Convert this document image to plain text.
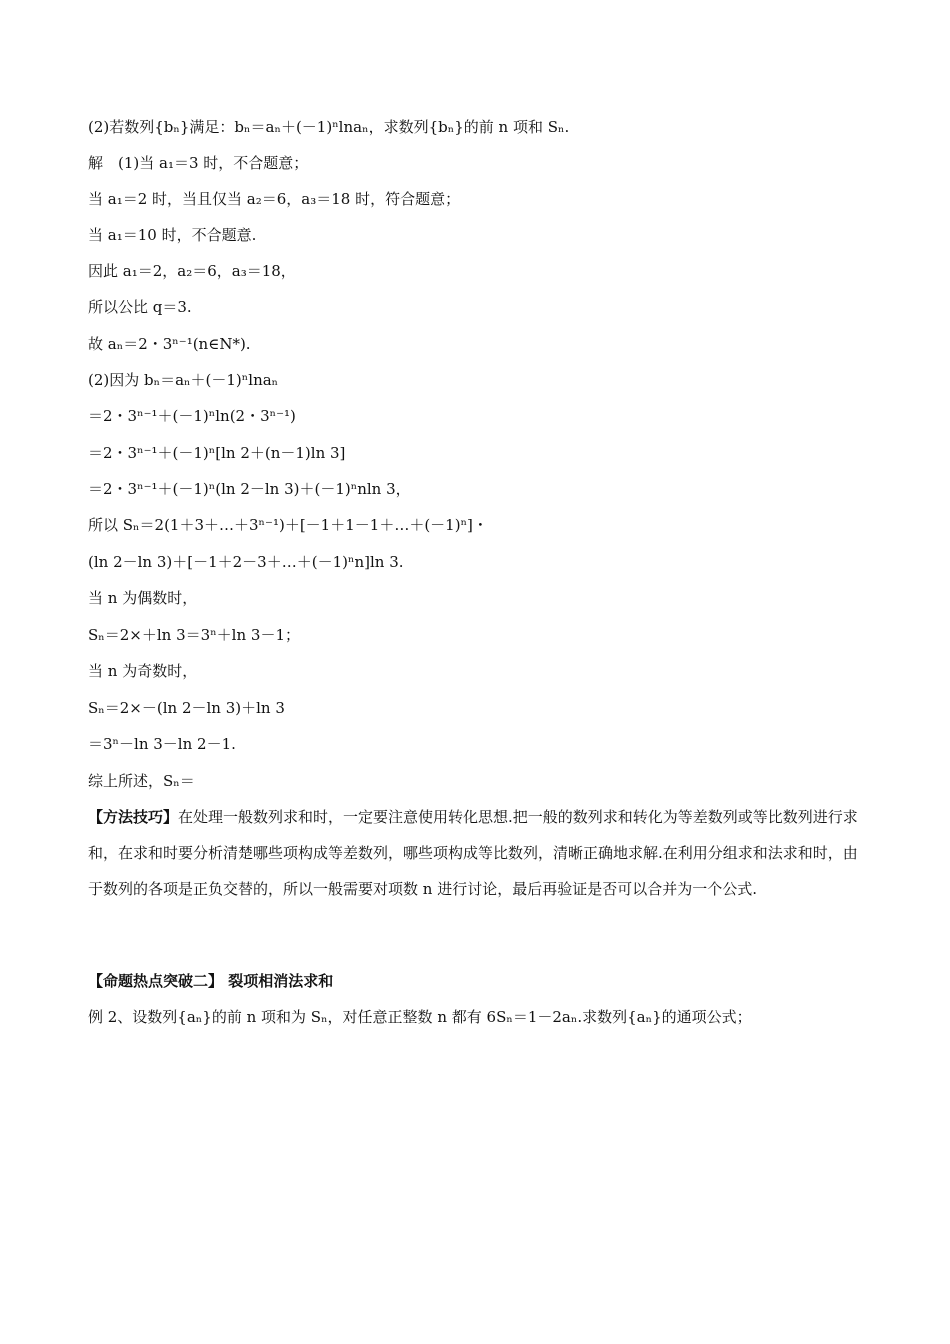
(2)若数列{bₙ}满足：bₙ＝aₙ＋(－1)ⁿlnaₙ，求数列{bₙ}的前 n 项和 Sₙ.
解　(1)当 a₁＝3 时，不合题意；
当 a₁＝2 时，当且仅当 a₂＝6，a₃＝18 时，符合题意；
当 a₁＝10 时，不合题意.
因此 a₁＝2，a₂＝6，a₃＝18，
所以公比 q＝3.
故 aₙ＝2・3ⁿ⁻¹(n∈N*).
(2)因为 bₙ＝aₙ＋(－1)ⁿlnaₙ
＝2・3ⁿ⁻¹＋(－1)ⁿln(2・3ⁿ⁻¹)
＝2・3ⁿ⁻¹＋(－1)ⁿ[ln 2＋(n－1)ln 3]
＝2・3ⁿ⁻¹＋(－1)ⁿ(ln 2－ln 3)＋(－1)ⁿnln 3，
所以 Sₙ＝2(1＋3＋…＋3ⁿ⁻¹)＋[－1＋1－1＋…＋(－1)ⁿ]・
(ln 2－ln 3)＋[－1＋2－3＋…＋(－1)ⁿn]ln 3.
当 n 为偶数时，
Sₙ＝2×＋ln 3＝3ⁿ＋ln 3－1；
当 n 为奇数时，
Sₙ＝2×－(ln 2－ln 3)＋ln 3
＝3ⁿ－ln 3－ln 2－1.
综上所述，Sₙ＝
【方法技巧】在处理一般数列求和时，一定要注意使用转化思想.把一般的数列求和转化为等差数列或等比数列进行求和，在求和时要分析清楚哪些项构成等差数列，哪些项构成等比数列，清晰正确地求解.在利用分组求和法求和时，由于数列的各项是正负交替的，所以一般需要对项数 n 进行讨论，最后再验证是否可以合并为一个公式.
【命题热点突破二】 裂项相消法求和
例 2、设数列{aₙ}的前 n 项和为 Sₙ，对任意正整数 n 都有 6Sₙ＝1－2aₙ.求数列{aₙ}的通项公式；
